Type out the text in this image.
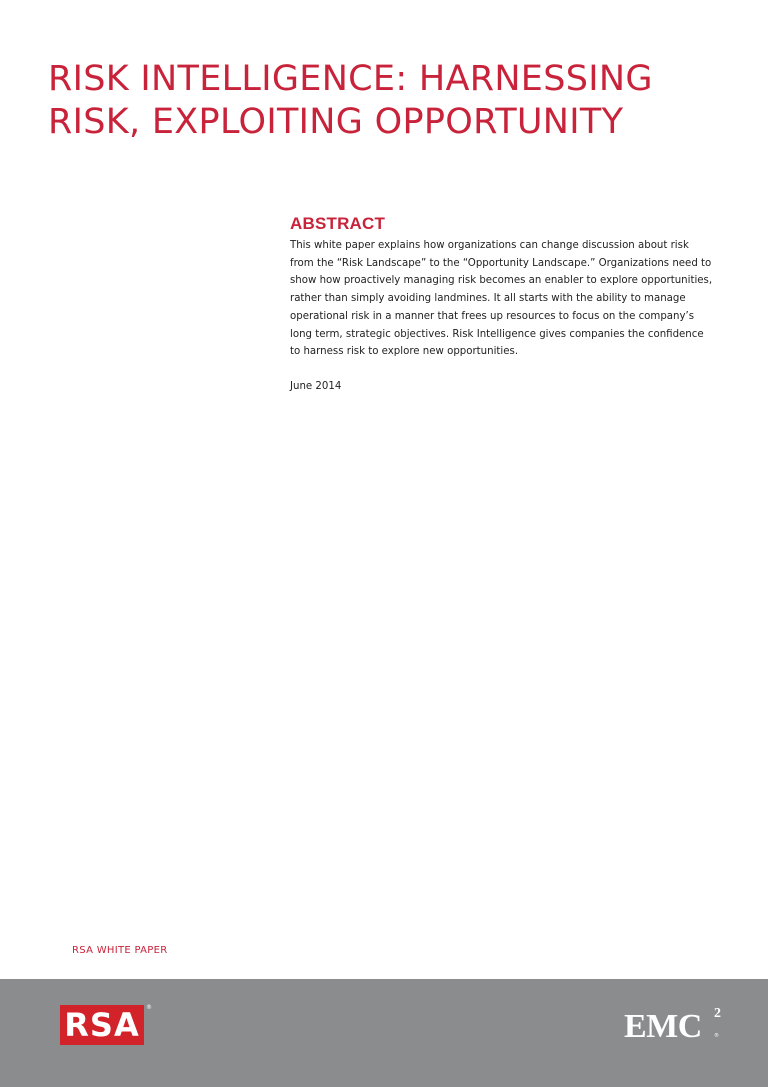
RISK INTELLIGENCE: HARNESSING
RISK, EXPLOITING OPPORTUNITY
ABSTRACT
This white paper explains how organizations can change discussion about risk
from the “Risk Landscape” to the “Opportunity Landscape.” Organizations need to
show how proactively managing risk becomes an enabler to explore opportunities,
rather than simply avoiding landmines. It all starts with the ability to manage
operational risk in a manner that frees up resources to focus on the company’s
long term, strategic objectives. Risk Intelligence gives companies the confidence
to harness risk to explore new opportunities.
June 2014
RSA WHITE PAPER
RSA	®
EMC 2
®
